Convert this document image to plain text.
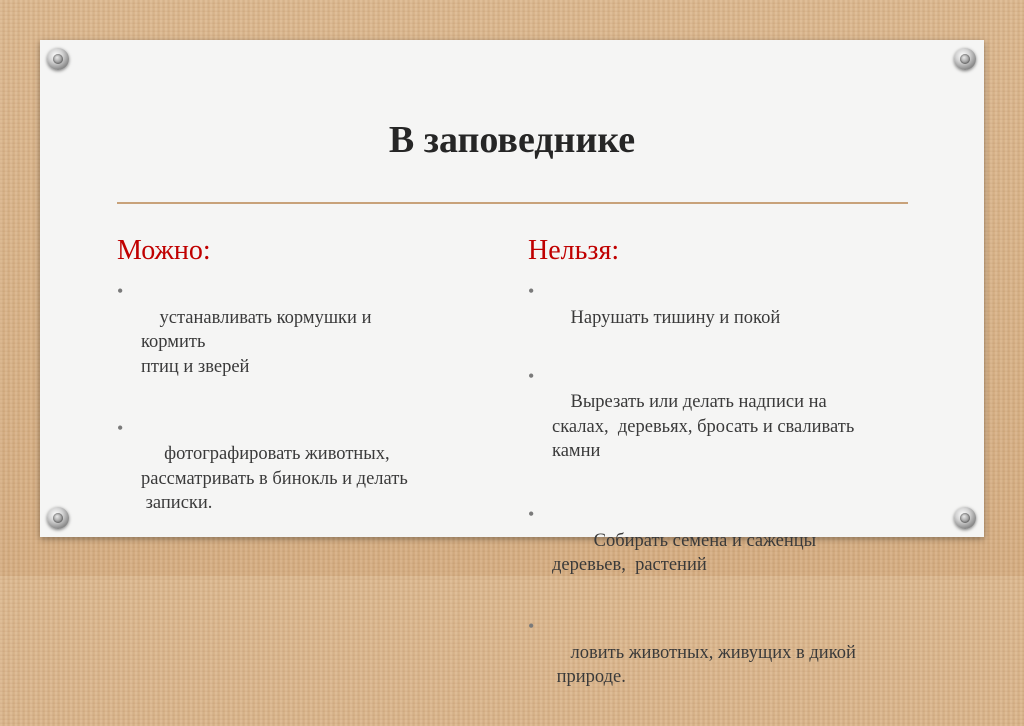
В заповеднике
Можно:

•
устанавливать кормушки и
кормить
птиц и зверей

•
фотографировать животных,
рассматривать в бинокль и делать
записки.

Нельзя:

•
Нарушать тишину и покой

•
Вырезать или делать надписи на
скалах,  деревьях, бросать и сваливать
камни

•
Собирать семена и саженцы
деревьев,  растений

•
ловить животных, живущих в дикой
природе.
